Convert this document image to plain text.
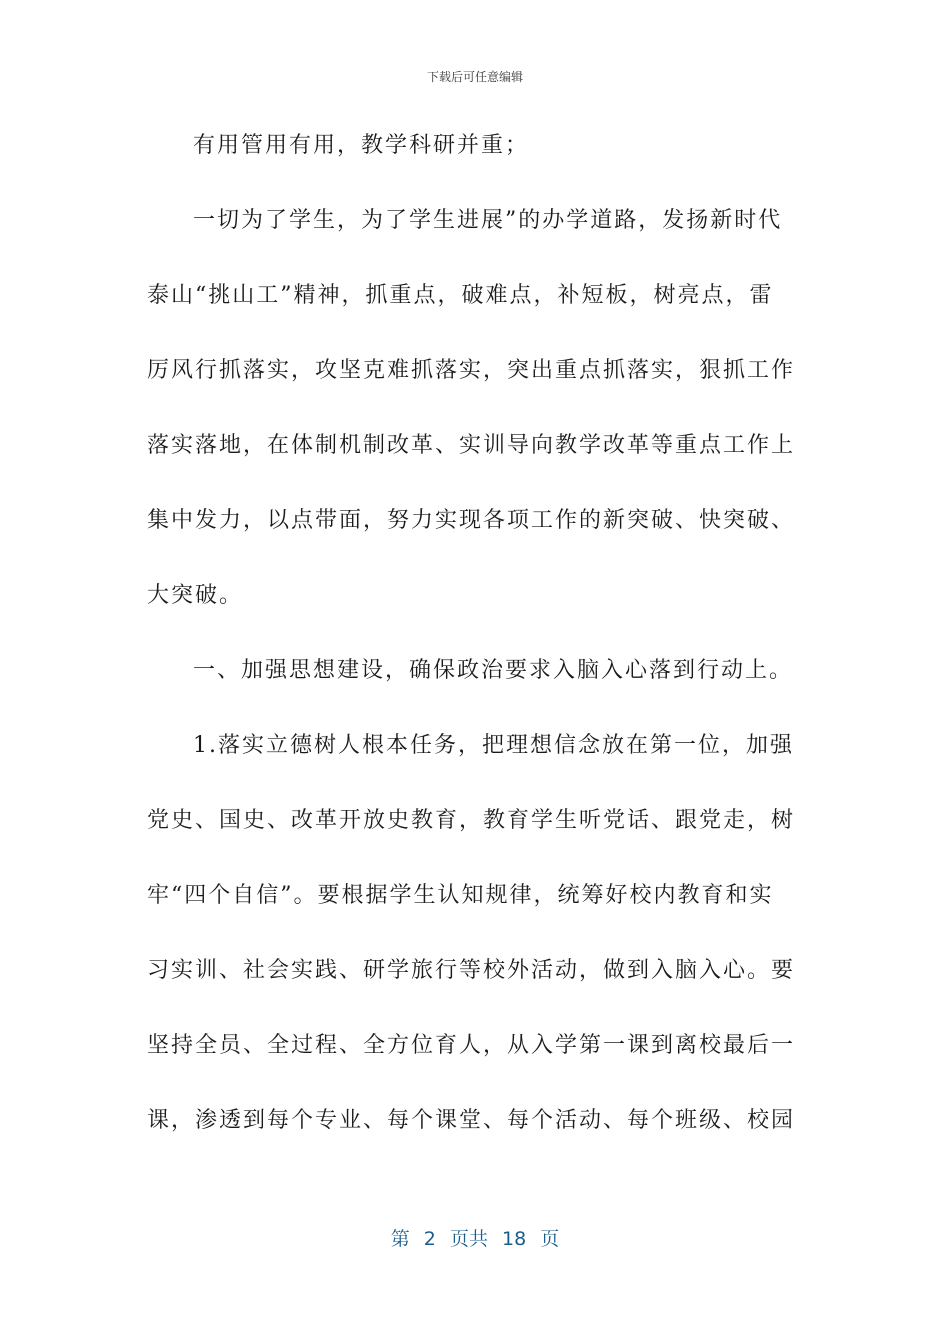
下载后可任意编辑
有用管用有用，教学科研并重；
一切为了学生，为了学生进展”的办学道路，发扬新时代
泰山“挑山工”精神，抓重点，破难点，补短板，树亮点，雷
厉风行抓落实，攻坚克难抓落实，突出重点抓落实，狠抓工作
落实落地，在体制机制改革、实训导向教学改革等重点工作上
集中发力，以点带面，努力实现各项工作的新突破、快突破、
大突破。
一、加强思想建设，确保政治要求入脑入心落到行动上。
1.落实立德树人根本任务，把理想信念放在第一位，加强
党史、国史、改革开放史教育，教育学生听党话、跟党走，树
牢“四个自信”。要根据学生认知规律，统筹好校内教育和实
习实训、社会实践、研学旅行等校外活动，做到入脑入心。要
坚持全员、全过程、全方位育人，从入学第一课到离校最后一
课，渗透到每个专业、每个课堂、每个活动、每个班级、校园
第 2 页共 18 页
